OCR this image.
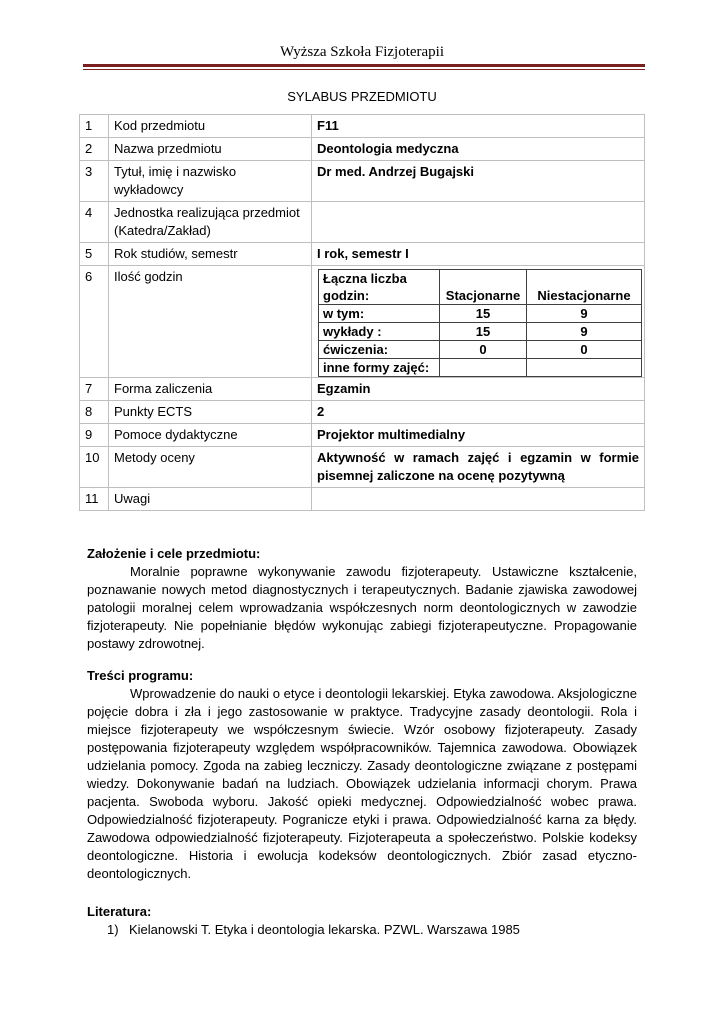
Wyższa Szkoła Fizjoterapii
SYLABUS PRZEDMIOTU
1	Kod przedmiotu	F11
2	Nazwa przedmiotu	Deontologia medyczna
3	Tytuł, imię i nazwisko wykładowcy	Dr med. Andrzej Bugajski
4	Jednostka realizująca przedmiot (Katedra/Zakład)	
5	Rok studiów, semestr	I rok, semestr I
6	Ilość godzin		Łączna liczba godzin:	Stacjonarne	Niestacjonarne
w tym:	15	9
wykłady :	15	9
ćwiczenia:	0	0
inne formy zajęć:		

7	Forma zaliczenia	Egzamin
8	Punkty ECTS	2
9	Pomoce dydaktyczne	Projektor multimedialny
10	Metody oceny	Aktywność w ramach zajęć i egzamin w formie pisemnej zaliczone na ocenę pozytywną
11	Uwagi	

Założenie i cele przedmiotu:

Moralnie poprawne wykonywanie zawodu fizjoterapeuty. Ustawiczne kształcenie, poznawanie nowych metod diagnostycznych i terapeutycznych. Badanie zjawiska zawodowej patologii moralnej celem wprowadzania współczesnych norm deontologicznych w zawodzie fizjoterapeuty. Nie popełnianie błędów wykonując zabiegi fizjoterapeutyczne. Propagowanie postawy zdrowotnej.

Treści programu:

Wprowadzenie do nauki o etyce i deontologii lekarskiej. Etyka zawodowa. Aksjologiczne pojęcie dobra i zła i jego zastosowanie w praktyce. Tradycyjne zasady deontologii. Rola i miejsce fizjoterapeuty we współczesnym świecie. Wzór osobowy fizjoterapeuty. Zasady postępowania fizjoterapeuty względem współpracowników. Tajemnica zawodowa. Obowiązek udzielania pomocy. Zgoda na zabieg leczniczy. Zasady deontologiczne związane z postępami wiedzy. Dokonywanie badań na ludziach. Obowiązek udzielania informacji chorym. Prawa pacjenta. Swoboda wyboru. Jakość opieki medycznej. Odpowiedzialność wobec prawa. Odpowiedzialność fizjoterapeuty. Pogranicze etyki i prawa. Odpowiedzialność karna za błędy. Zawodowa odpowiedzialność fizjoterapeuty. Fizjoterapeuta a społeczeństwo. Polskie kodeksy deontologiczne. Historia i ewolucja kodeksów deontologicznych. Zbiór zasad etyczno-deontologicznych.

Literatura:

1) Kielanowski T. Etyka i deontologia lekarska. PZWL. Warszawa 1985
